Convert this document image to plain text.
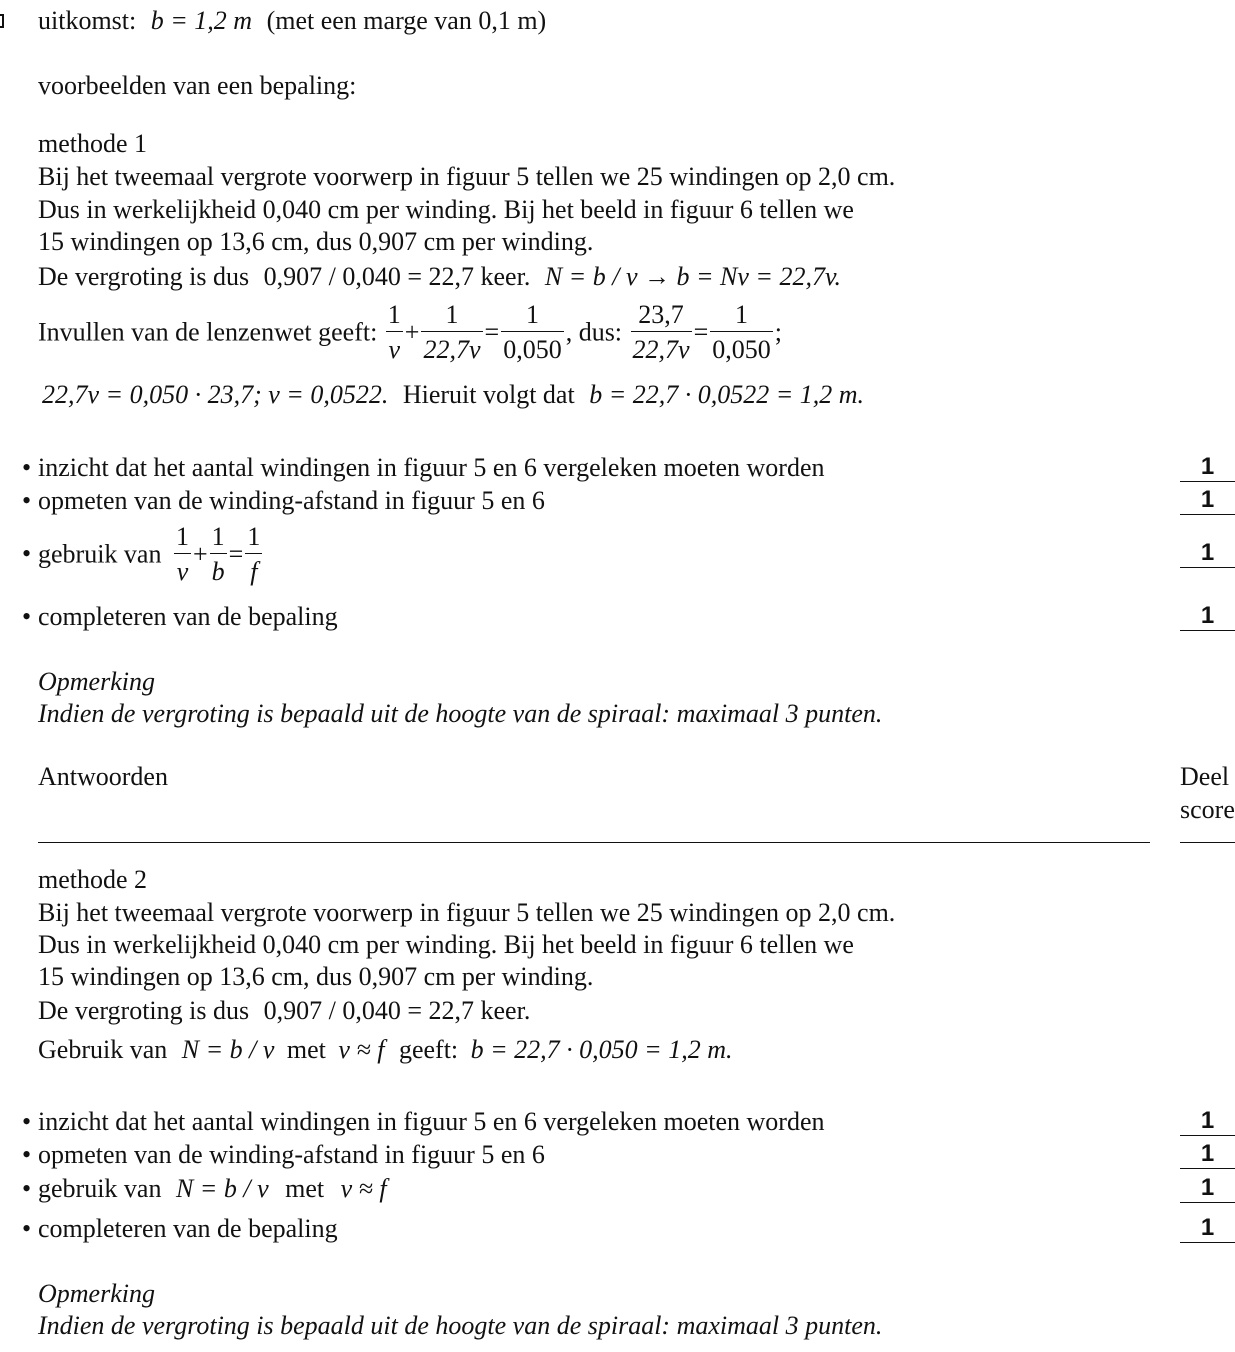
uitkomst: b = 1,2 m (met een marge van 0,1 m)
voorbeelden van een bepaling:
methode 1
Bij het tweemaal vergrote voorwerp in figuur 5 tellen we 25 windingen op 2,0 cm.
Dus in werkelijkheid 0,040 cm per winding. Bij het beeld in figuur 6 tellen we
15 windingen op 13,6 cm, dus 0,907 cm per winding.
De vergroting is dus 0,907 / 0,040 = 22,7 keer. N = b / v → b = Nv = 22,7v.
Invullen van de lenzenwet geeft: $\frac{1}{v} + \frac{1}{22,7v} = \frac{1}{0,050}$ , dus: $\frac{23,7}{22,7v} = \frac{1}{0,050}$ ;
22,7v = 0,050 · 23,7; v = 0,0522. Hieruit volgt dat b = 22,7 · 0,0522 = 1,2 m.
• inzicht dat het aantal windingen in figuur 5 en 6 vergeleken moeten worden	1
• opmeten van de winding-afstand in figuur 5 en 6	1
• gebruik van $\frac{1}{v} + \frac{1}{b} = \frac{1}{f}$	1
• completeren van de bepaling	1
Opmerking
Indien de vergroting is bepaald uit de hoogte van de spiraal: maximaal 3 punten.
Antwoorden	Deel
score
methode 2
Bij het tweemaal vergrote voorwerp in figuur 5 tellen we 25 windingen op 2,0 cm.
Dus in werkelijkheid 0,040 cm per winding. Bij het beeld in figuur 6 tellen we
15 windingen op 13,6 cm, dus 0,907 cm per winding.
De vergroting is dus 0,907 / 0,040 = 22,7 keer.
Gebruik van N = b / v met v ≈ f geeft: b = 22,7 · 0,050 = 1,2 m.
• inzicht dat het aantal windingen in figuur 5 en 6 vergeleken moeten worden	1
• opmeten van de winding-afstand in figuur 5 en 6	1
• gebruik van N = b / v met v ≈ f	1
• completeren van de bepaling	1
Opmerking
Indien de vergroting is bepaald uit de hoogte van de spiraal: maximaal 3 punten.
